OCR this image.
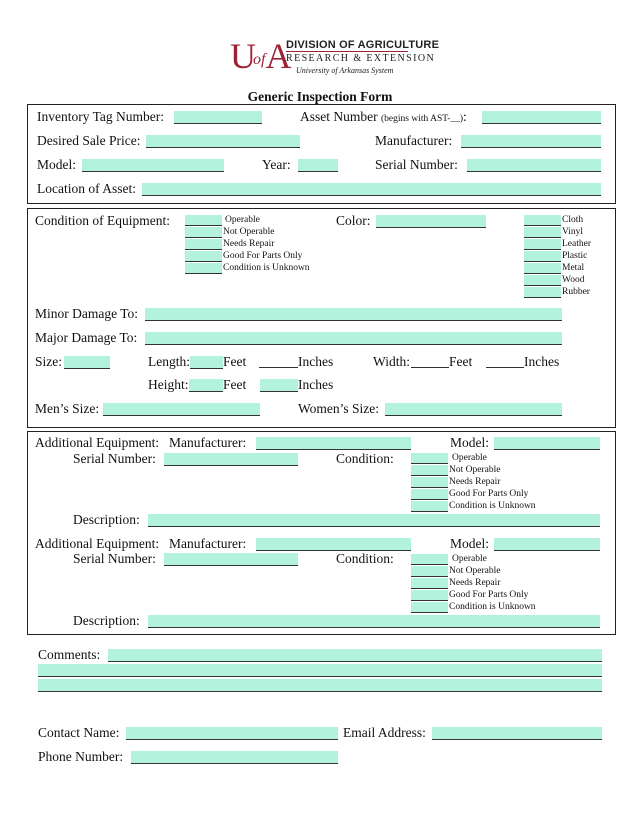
UofA
DIVISION OF AGRICULTURE
RESEARCH & EXTENSION
University of Arkansas System
Generic Inspection Form
Inventory Tag Number:	Asset Number (begins with AST-__):
Desired Sale Price:	Manufacturer:
Model:	Year:	Serial Number:
Location of Asset:
Condition of Equipment:	Operable
Not Operable
Needs Repair
Good For Parts Only
Condition is Unknown
Color:	Cloth
Vinyl
Leather
Plastic
Metal
Wood
Rubber
Minor Damage To:
Major Damage To:
Size:	Length: Feet	Inches	Width:	Feet	Inches
Height:	Feet	Inches
Men’s Size:	Women’s Size:
Additional Equipment: Manufacturer:	Model:
Serial Number:	Condition:	Operable
Not Operable
Needs Repair
Good For Parts Only
Condition is Unknown
Description:
Additional Equipment: Manufacturer:	Model:
Serial Number:	Condition:	Operable
Not Operable
Needs Repair
Good For Parts Only
Condition is Unknown
Description:
Comments:
Contact Name:	Email Address:
Phone Number:
